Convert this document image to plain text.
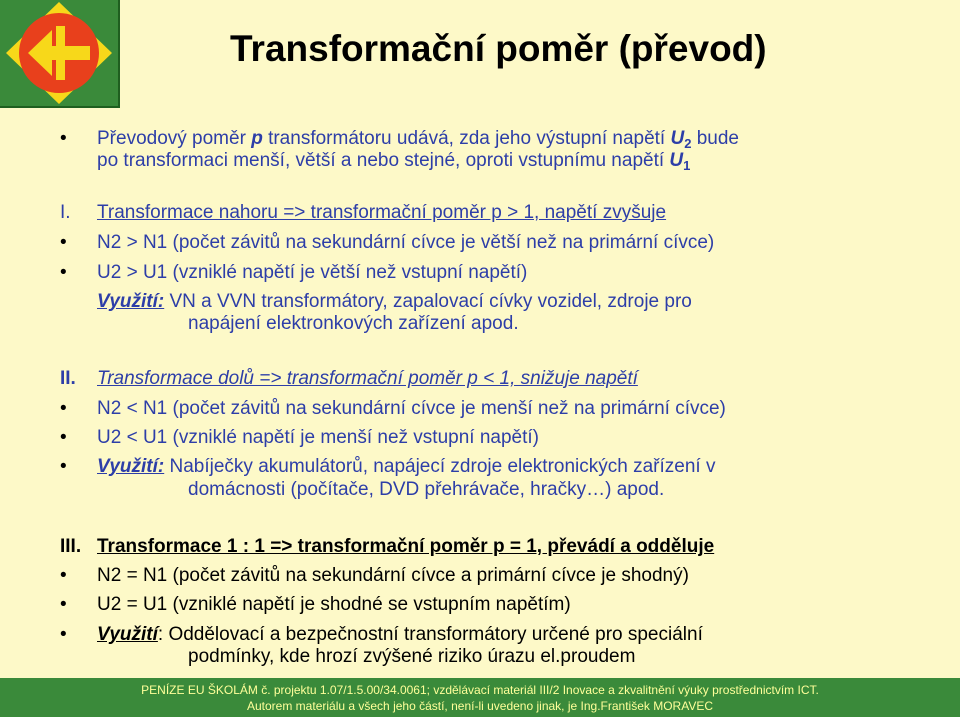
Transformační poměr (převod)
• Převodový poměr p transformátoru udává, zda jeho výstupní napětí $U_2$ bude
po transformaci menší, větší a nebo stejné, oproti vstupnímu napětí $U_1$
I. Transformace nahoru => transformační poměr p > 1, napětí zvyšuje
• N2 > N1 (počet závitů na sekundární cívce je větší než na primární cívce)
• U2 > U1 (vzniklé napětí je větší než vstupní napětí)
Využití: VN a VVN transformátory, zapalovací cívky vozidel, zdroje pro
napájení elektronkových zařízení apod.
II. Transformace dolů => transformační poměr p < 1, snižuje napětí
• N2 < N1 (počet závitů na sekundární cívce je menší než na primární cívce)
• U2 < U1 (vzniklé napětí je menší než vstupní napětí)
• Využití: Nabíječky akumulátorů, napájecí zdroje elektronických zařízení v
domácnosti (počítače, DVD přehrávače, hračky…) apod.
III. Transformace 1 : 1 => transformační poměr p = 1, převádí a odděluje
• N2 = N1 (počet závitů na sekundární cívce a primární cívce je shodný)
• U2 = U1 (vzniklé napětí je shodné se vstupním napětím)
• Využití: Oddělovací a bezpečnostní transformátory určené pro speciální
podmínky, kde hrozí zvýšené riziko úrazu el.proudem
PENÍZE EU ŠKOLÁM č. projektu 1.07/1.5.00/34.0061; vzdělávací materiál III/2 Inovace a zkvalitnění výuky prostřednictvím ICT.
Autorem materiálu a všech jeho částí, není-li uvedeno jinak, je Ing.František MORAVEC
